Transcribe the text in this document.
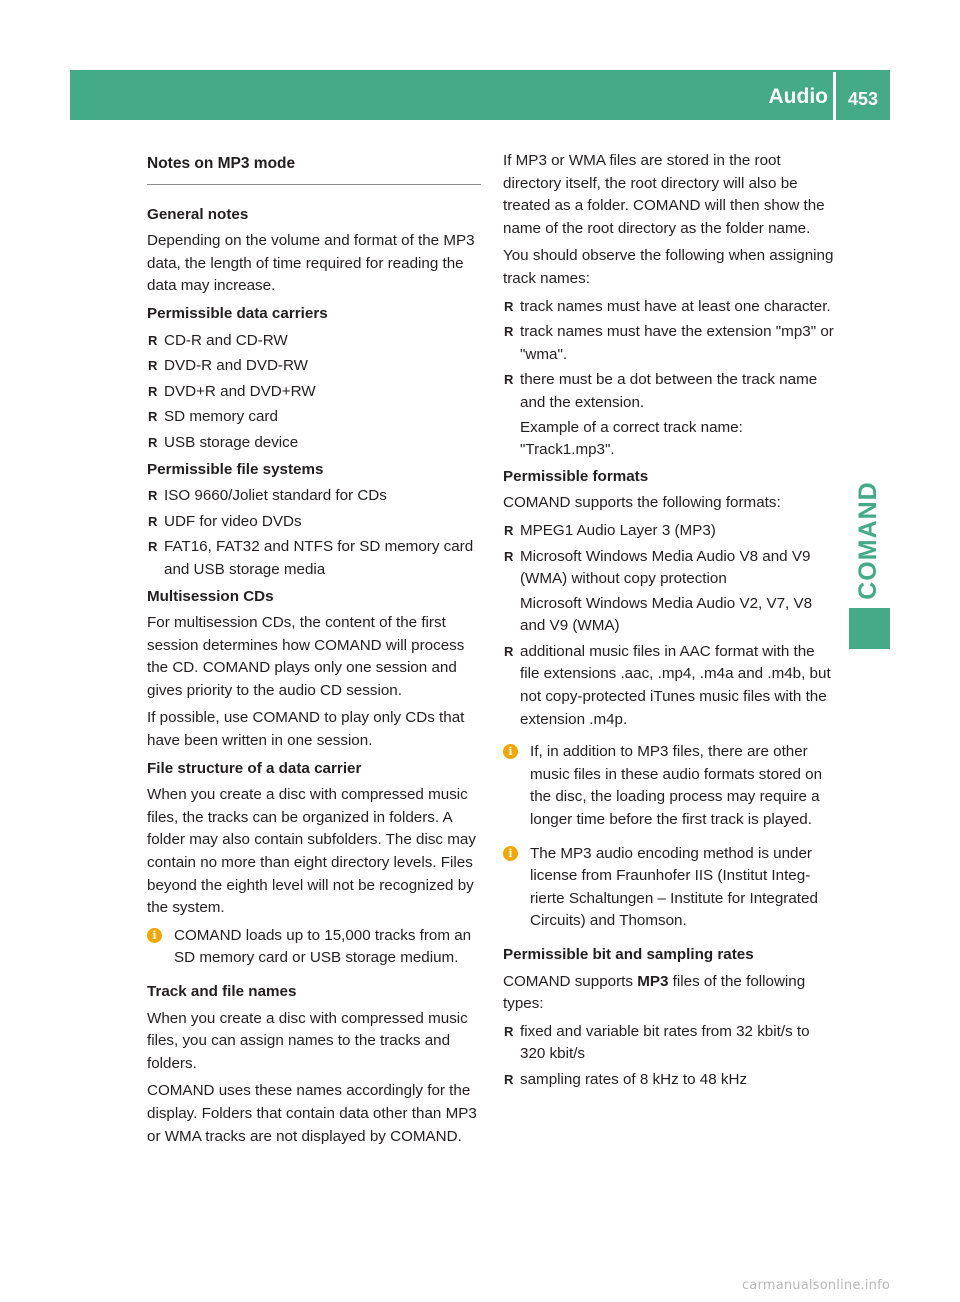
Audio	453
COMAND
Notes on MP3 mode
General notes

Depending on the volume and format of the MP3 data, the length of time required for reading the data may increase.

Permissible data carriers
R CD-R and CD-RW
R DVD-R and DVD-RW
R DVD+R and DVD+RW
R SD memory card
R USB storage device
Permissible file systems
R ISO 9660/Joliet standard for CDs
R UDF for video DVDs
R FAT16, FAT32 and NTFS for SD memory card and USB storage media
Multisession CDs

For multisession CDs, the content of the first session determines how COMAND will process the CD. COMAND plays only one session and gives priority to the audio CD session.

If possible, use COMAND to play only CDs that have been written in one session.

File structure of a data carrier

When you create a disc with compressed music files, the tracks can be organized in folders. A folder may also contain subfolders. The disc may contain no more than eight directory levels. Files beyond the eighth level will not be recognized by the system.

i	COMAND loads up to 15,000 tracks from an SD memory card or USB storage medium.
Track and file names

When you create a disc with compressed music files, you can assign names to the tracks and folders.

COMAND uses these names accordingly for the display. Folders that contain data other than MP3 or WMA tracks are not displayed by COMAND.

If MP3 or WMA files are stored in the root directory itself, the root directory will also be treated as a folder. COMAND will then show the name of the root directory as the folder name.

You should observe the following when assigning track names:

R track names must have at least one character.
R track names must have the extension "mp3" or "wma".
R there must be a dot between the track name and the extension.
Example of a correct track name: "Track1.mp3".
Permissible formats

COMAND supports the following formats:

R MPEG1 Audio Layer 3 (MP3)
R Microsoft Windows Media Audio V8 and V9 (WMA) without copy protection
Microsoft Windows Media Audio V2, V7, V8 and V9 (WMA)
R additional music files in AAC format with the file extensions .aac, .mp4, .m4a and .m4b, but not copy-protected iTunes music files with the extension .m4p.
i	If, in addition to MP3 files, there are other music files in these audio formats stored on the disc, the loading process may require a longer time before the first track is played.
i	The MP3 audio encoding method is under license from Fraunhofer IIS (Institut Integrierte Schaltungen – Institute for Integrated Circuits) and Thomson.
Permissible bit and sampling rates

COMAND supports MP3 files of the following types:

R fixed and variable bit rates from 32 kbit/s to 320 kbit/s
R sampling rates of 8 kHz to 48 kHz
carmanualsonline.info
